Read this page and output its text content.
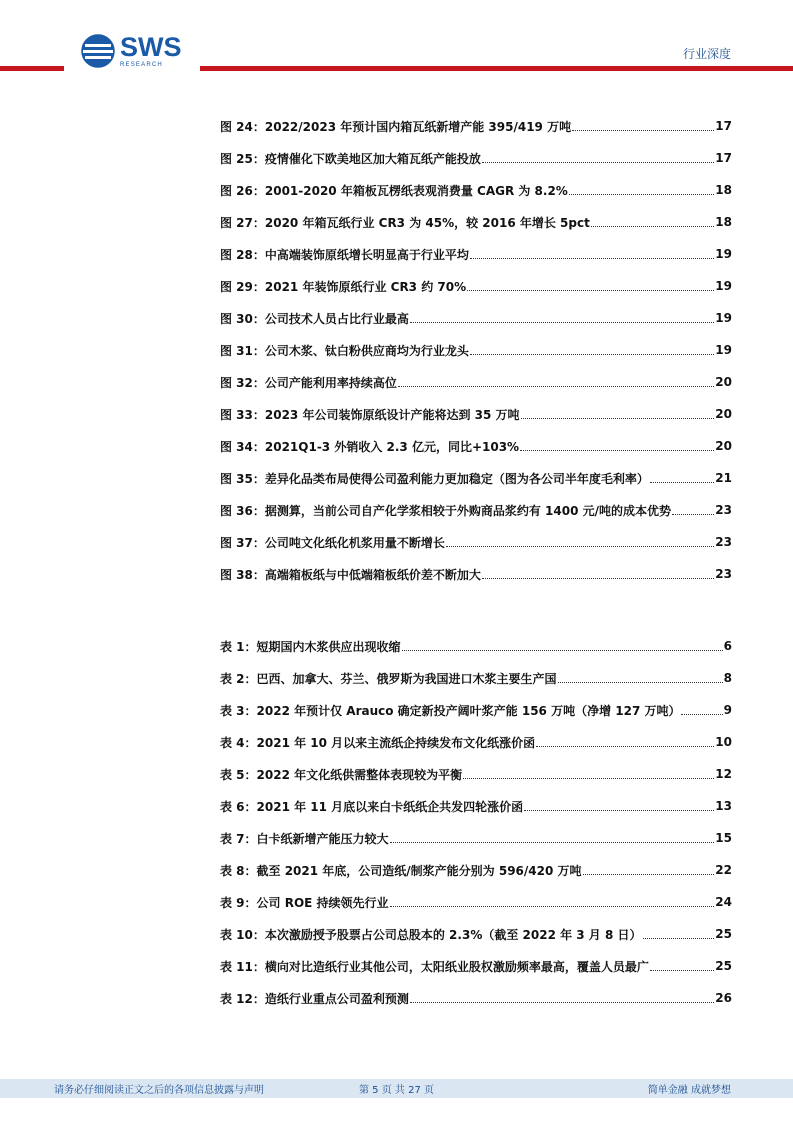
SWS
RESEARCH
行业深度
图 24：2022/2023 年预计国内箱瓦纸新增产能 395/419 万吨	17
图 25：疫情催化下欧美地区加大箱瓦纸产能投放	17
图 26：2001-2020 年箱板瓦楞纸表观消费量 CAGR 为 8.2%	18
图 27：2020 年箱瓦纸行业 CR3 为 45%，较 2016 年增长 5pct	18
图 28：中高端装饰原纸增长明显高于行业平均	19
图 29：2021 年装饰原纸行业 CR3 约 70%	19
图 30：公司技术人员占比行业最高	19
图 31：公司木浆、钛白粉供应商均为行业龙头	19
图 32：公司产能利用率持续高位	20
图 33：2023 年公司装饰原纸设计产能将达到 35 万吨	20
图 34：2021Q1-3 外销收入 2.3 亿元，同比+103%	20
图 35：差异化品类布局使得公司盈利能力更加稳定（图为各公司半年度毛利率）	21
图 36：据测算，当前公司自产化学浆相较于外购商品浆约有 1400 元/吨的成本优势	23
图 37：公司吨文化纸化机浆用量不断增长	23
图 38：高端箱板纸与中低端箱板纸价差不断加大	23
表 1：短期国内木浆供应出现收缩	6
表 2：巴西、加拿大、芬兰、俄罗斯为我国进口木浆主要生产国	8
表 3：2022 年预计仅 Arauco 确定新投产阔叶浆产能 156 万吨（净增 127 万吨）	9
表 4：2021 年 10 月以来主流纸企持续发布文化纸涨价函	10
表 5：2022 年文化纸供需整体表现较为平衡	12
表 6：2021 年 11 月底以来白卡纸纸企共发四轮涨价函	13
表 7：白卡纸新增产能压力较大	15
表 8：截至 2021 年底，公司造纸/制浆产能分别为 596/420 万吨	22
表 9：公司 ROE 持续领先行业	24
表 10：本次激励授予股票占公司总股本的 2.3%（截至 2022 年 3 月 8 日）	25
表 11：横向对比造纸行业其他公司，太阳纸业股权激励频率最高，覆盖人员最广	25
表 12：造纸行业重点公司盈利预测	26
请务必仔细阅读正文之后的各项信息披露与声明	第 5 页 共 27 页	简单金融 成就梦想
